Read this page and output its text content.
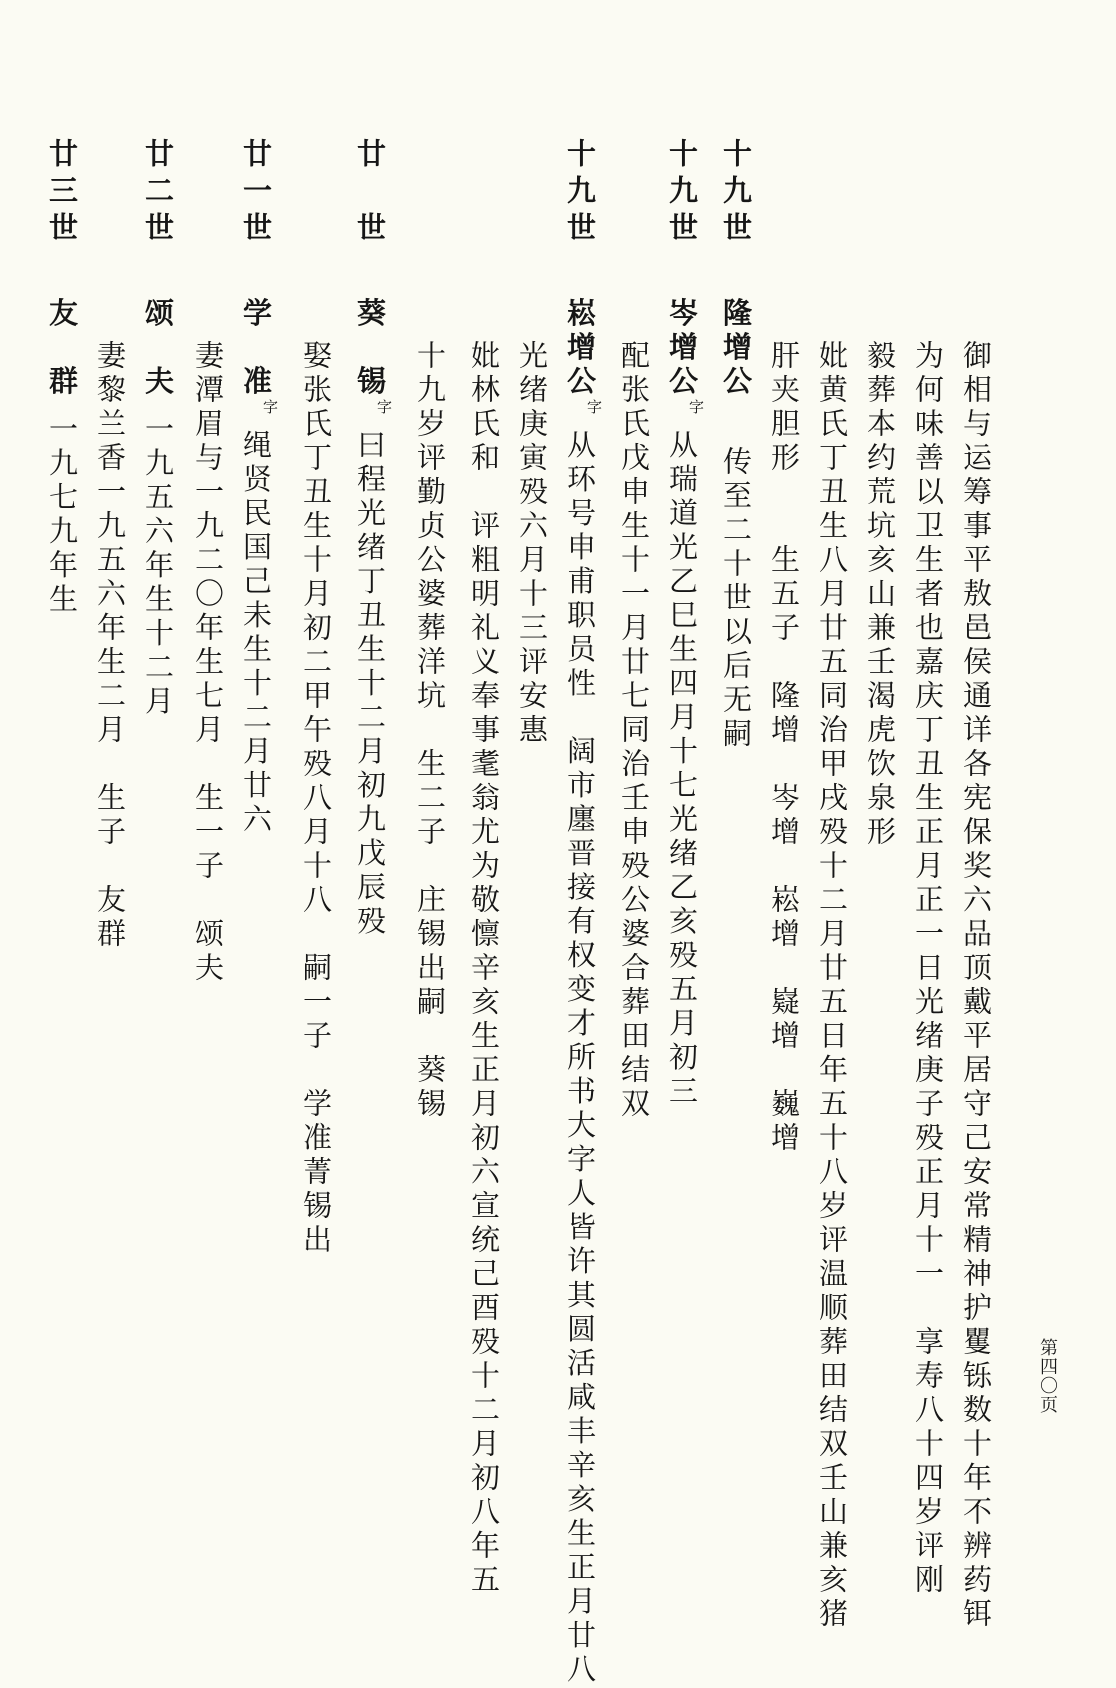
御相与运筹事平敖邑侯通详各宪保奖六品顶戴平居守己安常精神护矍铄数十年不辨药铒
为何味善以卫生者也嘉庆丁丑生正月正一日光绪庚子殁正月十一　享寿八十四岁评刚
毅葬本约荒坑亥山兼壬渴虎饮泉形
妣黄氏丁丑生八月廿五同治甲戌殁十二月廿五日年五十八岁评温顺葬田结双壬山兼亥猪
肝夹胆形　　生五子　隆增　岑增　崧增　嶷增　巍增
十九世  隆增公  传至二十世以后无嗣
十九世  岑增公字 从瑞道光乙巳生四月十七光绪乙亥殁五月初三
配张氏戊申生十一月廿七同治壬申殁公婆合葬田结双
十九世  崧增公字 从环号申甫职员性　阔市廛晋接有权变才所书大字人皆许其圆活咸丰辛亥生正月廿八
光绪庚寅殁六月十三评安惠
妣林氏和　评粗明礼义奉事耄翁尤为敬懔辛亥生正月初六宣统己酉殁十二月初八年五
十九岁评勤贞公婆葬洋坑　生二子　庄锡出嗣　葵锡
廿　世  葵　锡字 曰程光绪丁丑生十二月初九戊辰殁
娶张氏丁丑生十月初二甲午殁八月十八　嗣一子　学准菁锡出
廿一世  学　准字 绳贤民国己未生十二月廿六
妻潭眉与一九二〇年生七月　生一子　颂夫
廿二世  颂　夫 一九五六年生十二月
妻黎兰香一九五六年生二月　生子　友群
廿三世  友　群 一九七九年生
第四〇页
